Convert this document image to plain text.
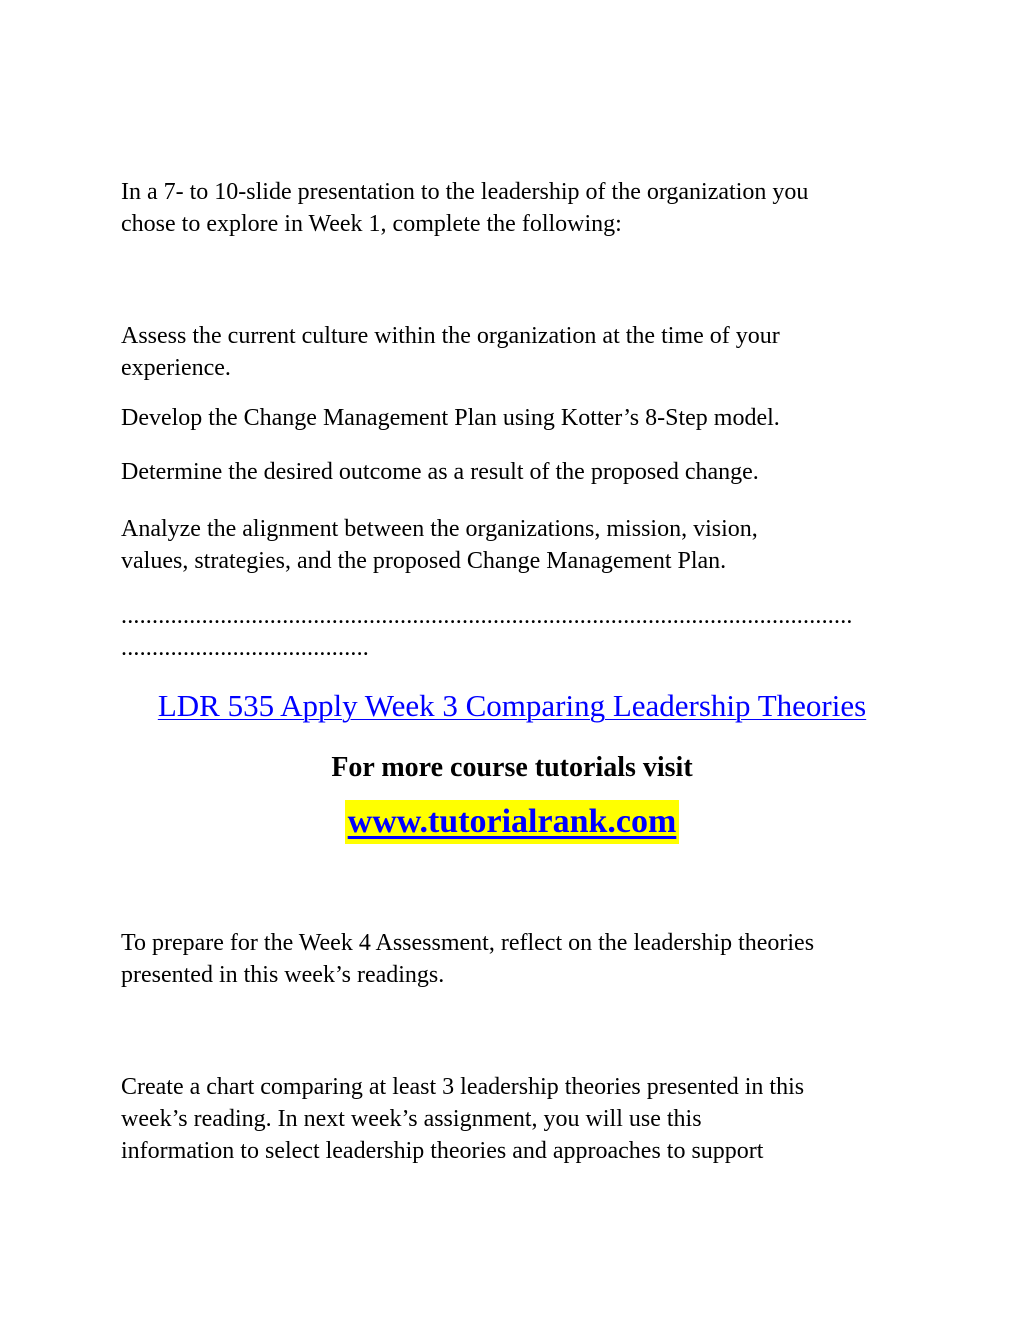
In a 7- to 10-slide presentation to the leadership of the organization you
chose to explore in Week 1, complete the following:
Assess the current culture within the organization at the time of your
experience.
Develop the Change Management Plan using Kotter’s 8-Step model.
Determine the desired outcome as a result of the proposed change.
Analyze the alignment between the organizations, mission, vision,
values, strategies, and the proposed Change Management Plan.
......................................................................................................................
........................................
LDR 535 Apply Week 3 Comparing Leadership Theories
For more course tutorials visit
www.tutorialrank.com
To prepare for the Week 4 Assessment, reflect on the leadership theories
presented in this week’s readings.
Create a chart comparing at least 3 leadership theories presented in this
week’s reading. In next week’s assignment, you will use this
information to select leadership theories and approaches to support
